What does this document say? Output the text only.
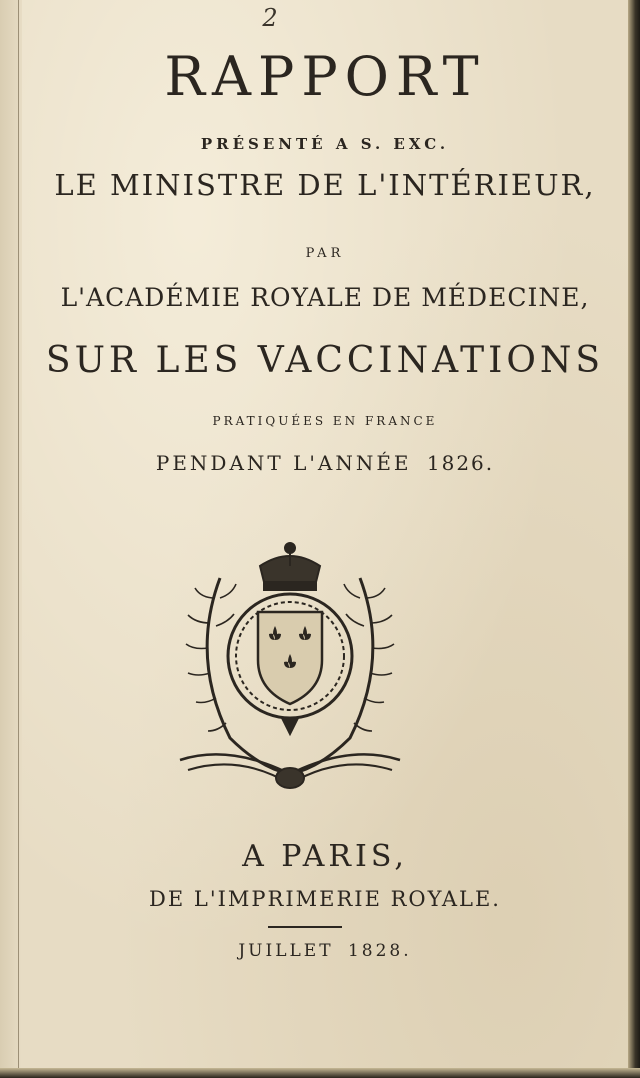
2
RAPPORT
PRÉSENTÉ A S. EXC.
LE MINISTRE DE L'INTÉRIEUR,
PAR
L'ACADÉMIE ROYALE DE MÉDECINE,
SUR LES VACCINATIONS
PRATIQUÉES EN FRANCE
PENDANT L'ANNÉE 1826.
A PARIS,
DE L'IMPRIMERIE ROYALE.
JUILLET 1828.
